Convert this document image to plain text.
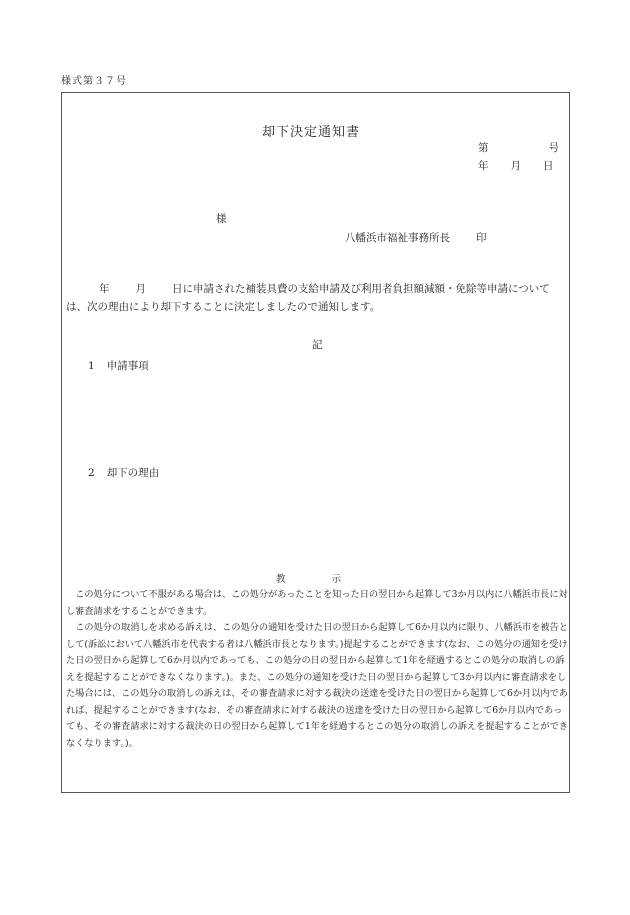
様式第３７号
却下決定通知書
第	号
年 月 日
様
八幡浜市福祉事務所長 印
年 月 日に申請された補装具費の支給申請及び利用者負担額減額・免除等申請については、次の理由により却下することに決定しましたので通知します。
記
1 申請事項
2 却下の理由
教	示

この処分について不服がある場合は、この処分があったことを知った日の翌日から起算して3か月以内に八幡浜市長に対し審査請求をすることができます。

この処分の取消しを求める訴えは、この処分の通知を受けた日の翌日から起算して6か月以内に限り、八幡浜市を被告として(訴訟において八幡浜市を代表する者は八幡浜市長となります。)提起することができます(なお、この処分の通知を受けた日の翌日から起算して6か月以内であっても、この処分の日の翌日から起算して1年を経過するとこの処分の取消しの訴えを提起することができなくなります。)。また、この処分の通知を受けた日の翌日から起算して3か月以内に審査請求をした場合には、この処分の取消しの訴えは、その審査請求に対する裁決の送達を受けた日の翌日から起算して6か月以内であれば、提起することができます(なお、その審査請求に対する裁決の送達を受けた日の翌日から起算して6か月以内であっても、その審査請求に対する裁決の日の翌日から起算して1年を経過するとこの処分の取消しの訴えを提起することができなくなります。)。
